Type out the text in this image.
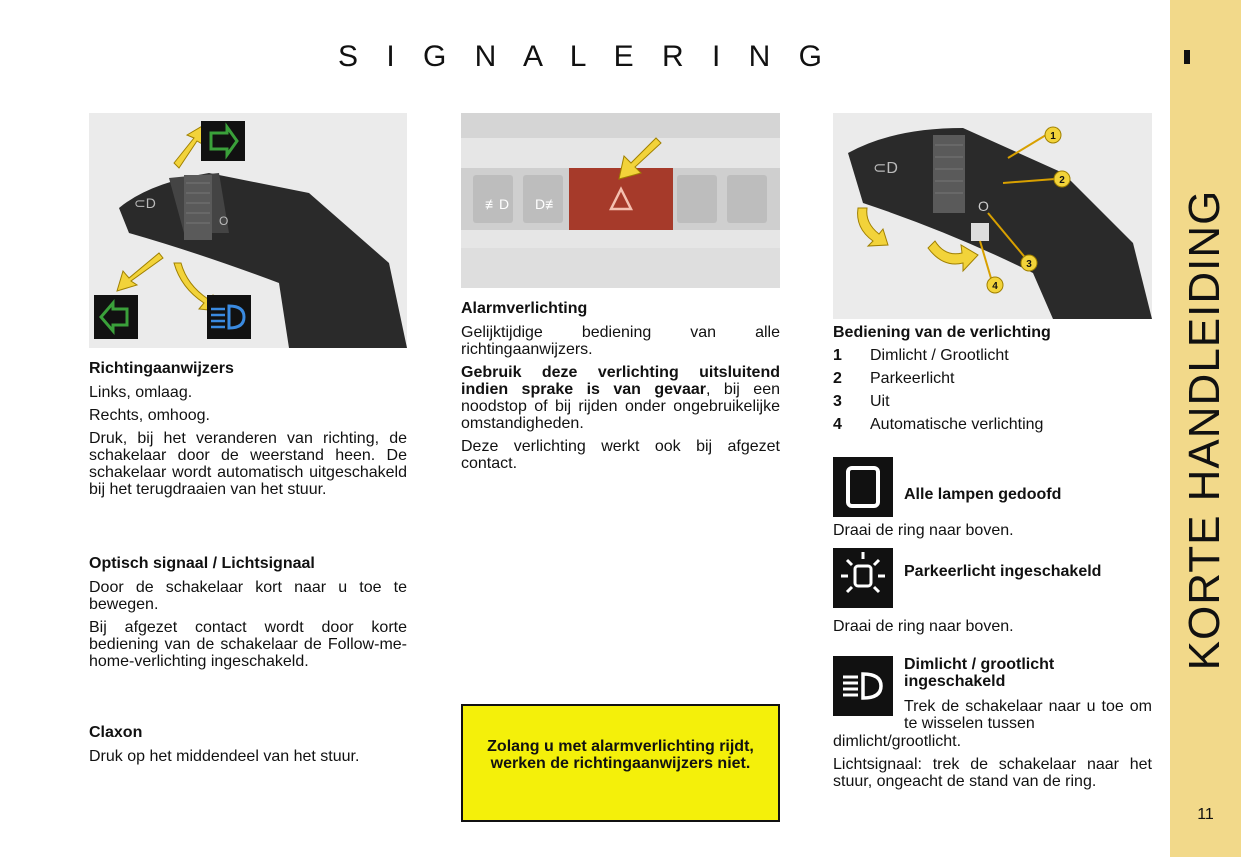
S I G N A L E R I N G
KORTE HANDLEIDING
11
⊂D
O
Richtingaanwijzers

Links, omlaag.

Rechts, omhoog.

Druk, bij het veranderen van richting, de schakelaar door de weerstand heen. De schakelaar wordt automatisch uitgeschakeld bij het terugdraaien van het stuur.

Optisch signaal / Lichtsignaal

Door de schakelaar kort naar u toe te bewegen.

Bij afgezet contact wordt door korte bediening van de schakelaar de Follow-me-home-verlichting ingeschakeld.

Claxon

Druk op het middendeel van het stuur.

≢D D≢
Alarmverlichting

Gelijktijdige bediening van alle richtingaanwijzers.

Gebruik deze verlichting uitsluitend indien sprake is van gevaar, bij een noodstop of bij rijden onder ongebruikelijke omstandigheden.

Deze verlichting werkt ook bij afgezet contact.

Zolang u met alarmverlichting rijdt, werken de richtingaanwijzers niet.
⊂D
O
1
2
3
4
Bediening van de verlichting
1 Dimlicht / Grootlicht
2 Parkeerlicht
3 Uit
4 Automatische verlichting
Alle lampen gedoofd

Draai de ring naar boven.

Parkeerlicht ingeschakeld

Draai de ring naar boven.

Dimlicht / grootlicht ingeschakeld

Trek de schakelaar naar u toe om te wisselen tussen

dimlicht/grootlicht.

Lichtsignaal: trek de schakelaar naar het stuur, ongeacht de stand van de ring.
